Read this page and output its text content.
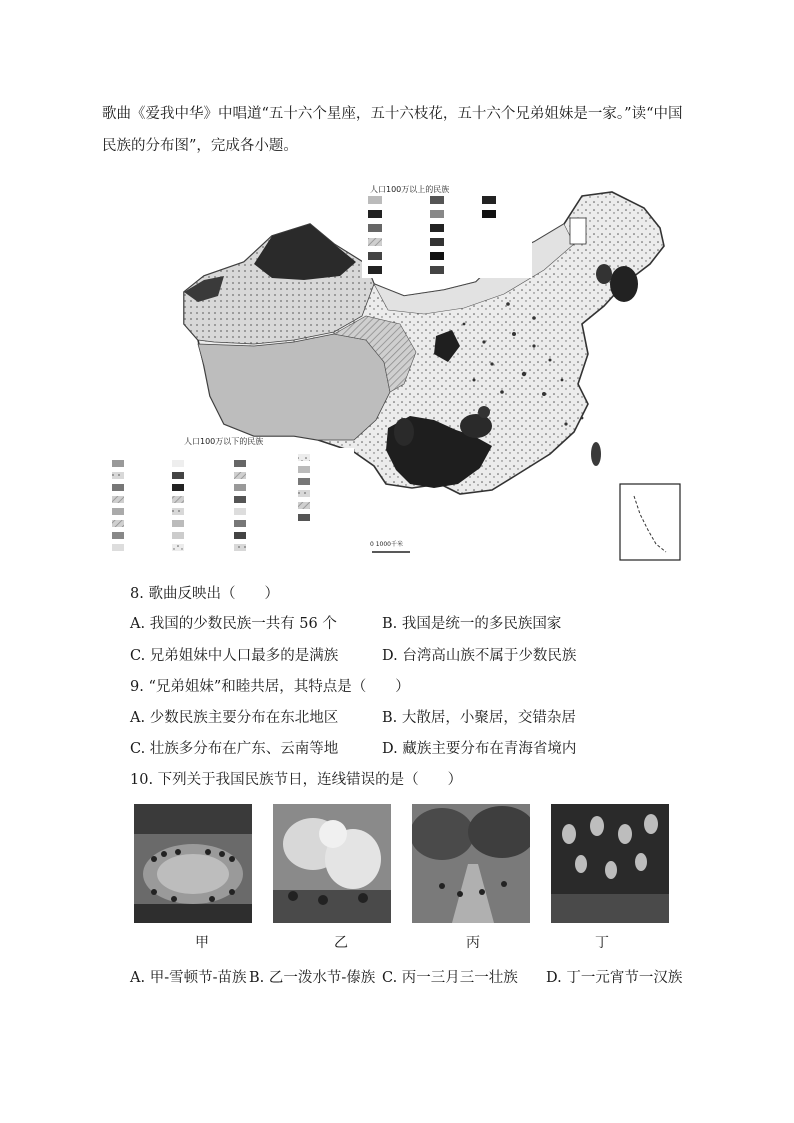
歌曲《爱我中华》中唱道“五十六个星座，五十六枝花，五十六个兄弟姐妹是一家。”读“中国
民族的分布图”，完成各小题。
人口100万以上的民族
人口100万以下的民族
0 1000千米
8. 歌曲反映出（　　）
A. 我国的少数民族一共有 56 个	B. 我国是统一的多民族国家
C. 兄弟姐妹中人口最多的是满族	D. 台湾高山族不属于少数民族
9. “兄弟姐妹”和睦共居，其特点是（　　）
A. 少数民族主要分布在东北地区	B. 大散居，小聚居，交错杂居
C. 壮族多分布在广东、云南等地	D. 藏族主要分布在青海省境内
10. 下列关于我国民族节日，连线错误的是（　　）
甲	乙	丙	丁
A. 甲-雪顿节-苗族 B. 乙一泼水节-傣族 C. 丙一三月三一壮族 D. 丁一元宵节一汉族
